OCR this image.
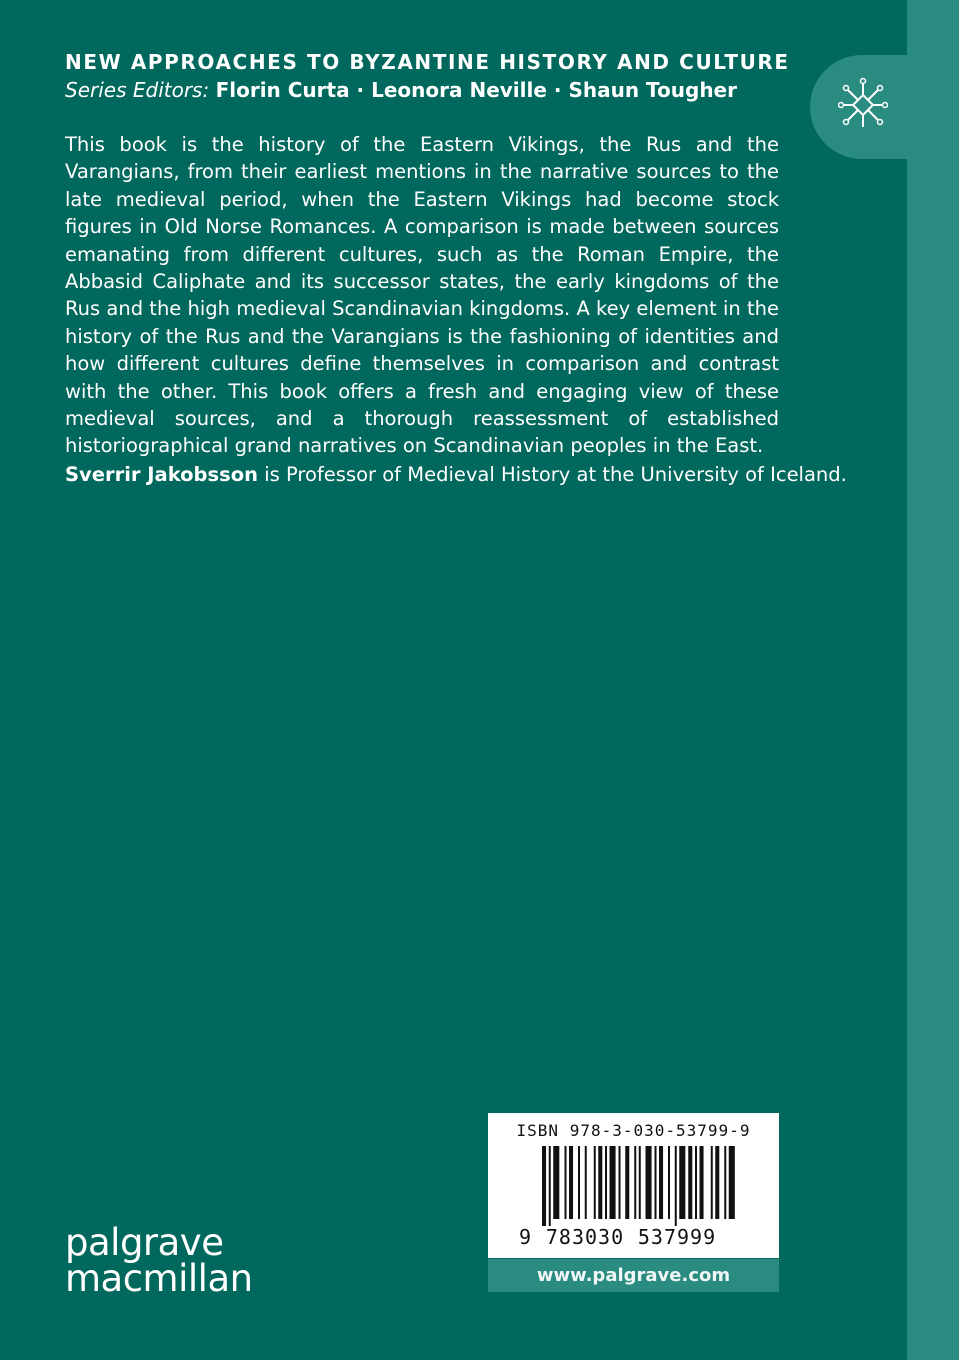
NEW APPROACHES TO BYZANTINE HISTORY AND CULTURE
Series Editors: Florin Curta · Leonora Neville · Shaun Tougher

This book is the history of the Eastern Vikings, the Rus and the Varangians, from their earliest mentions in the narrative sources to the late medieval period, when the Eastern Vikings had become stock figures in Old Norse Romances. A comparison is made between sources emanating from different cultures, such as the Roman Empire, the Abbasid Caliphate and its successor states, the early kingdoms of the Rus and the high medieval Scandinavian kingdoms. A key element in the history of the Rus and the Varangians is the fashioning of identities and how different cultures define themselves in comparison and contrast with the other. This book offers a fresh and engaging view of these medieval sources, and a thorough reassessment of established historiographical grand narratives on Scandinavian peoples in the East.

Sverrir Jakobsson is Professor of Medieval History at the University of Iceland.

ISBN 978-3-030-53799-9
9 783030 537999
www.palgrave.com
palgrave
macmillan
